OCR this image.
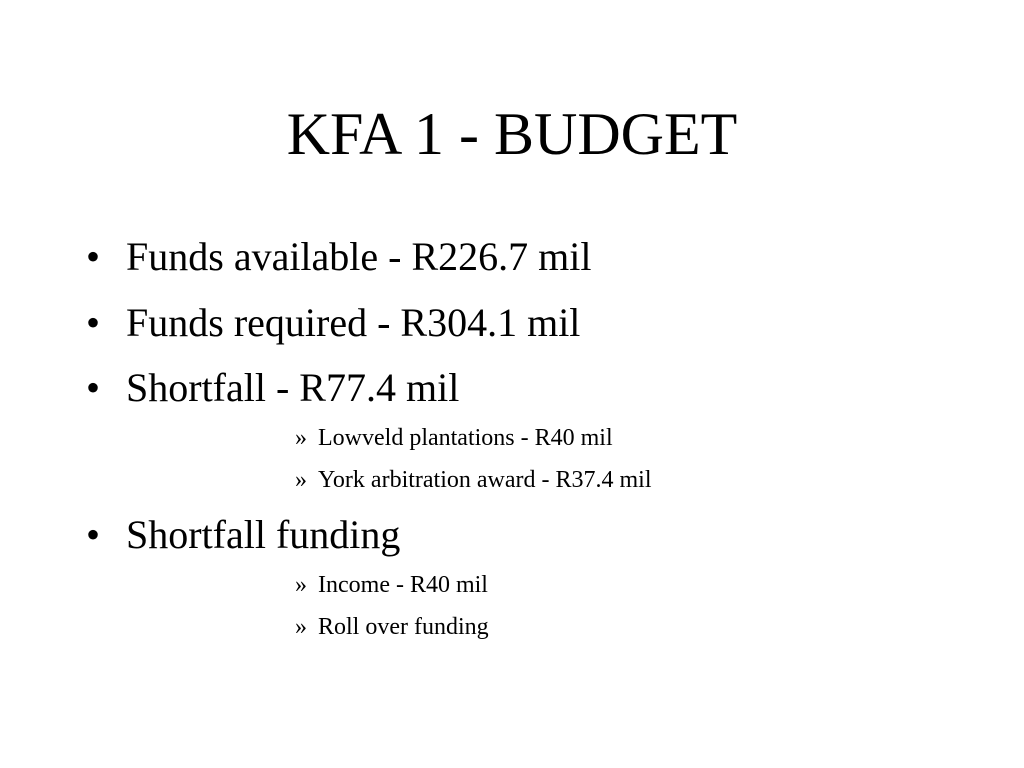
KFA 1 - BUDGET
• Funds available - R226.7 mil
• Funds required - R304.1 mil
• Shortfall - R77.4 mil
» Lowveld plantations - R40 mil
» York arbitration award - R37.4 mil
• Shortfall funding
» Income - R40 mil
» Roll over funding
